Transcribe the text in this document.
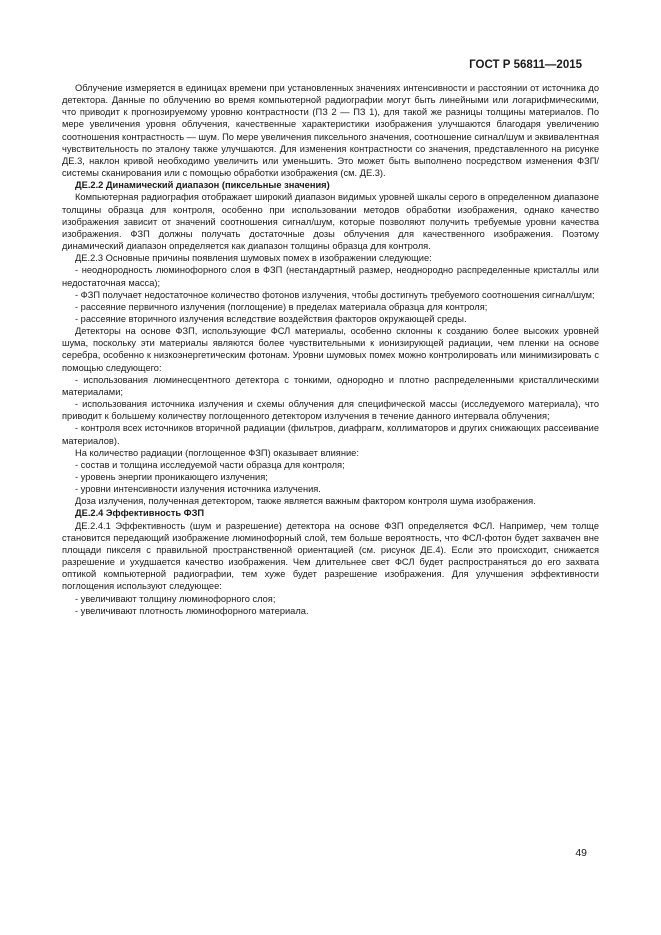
ГОСТ Р 56811—2015

Облучение измеряется в единицах времени при установленных значениях интенсивности и расстоянии от источника до детектора. Данные по облучению во время компьютерной радиографии могут быть линейными или логарифмическими, что приводит к прогнозируемому уровню контрастности (ПЗ 2 — ПЗ 1), для такой же разницы толщины материалов. По мере увеличения уровня облучения, качественные характеристики изображения улучшаются благодаря увеличению соотношения контрастность — шум. По мере увеличения пиксельного значения, соотношение сигнал/шум и эквивалентная чувствительность по эталону также улучшаются. Для изменения контрастности со значения, представленного на рисунке ДЕ.3, наклон кривой необходимо увеличить или уменьшить. Это может быть выполнено посредством изменения ФЗП/системы сканирования или с помощью обработки изображения (см. ДЕ.3).

ДЕ.2.2 Динамический диапазон (пиксельные значения)

Компьютерная радиография отображает широкий диапазон видимых уровней шкалы серого в определенном диапазоне толщины образца для контроля, особенно при использовании методов обработки изображения, однако качество изображения зависит от значений соотношения сигнал/шум, которые позволяют получить требуемые уровни качества изображения. ФЗП должны получать достаточные дозы облучения для качественного изображения. Поэтому динамический диапазон определяется как диапазон толщины образца для контроля.

ДЕ.2.3 Основные причины появления шумовых помех в изображении следующие:

- неоднородность люминофорного слоя в ФЗП (нестандартный размер, неоднородно распределенные кристаллы или недостаточная масса);

- ФЗП получает недостаточное количество фотонов излучения, чтобы достигнуть требуемого соотношения сигнал/шум;

- рассеяние первичного излучения (поглощение) в пределах материала образца для контроля;

- рассеяние вторичного излучения вследствие воздействия факторов окружающей среды.

Детекторы на основе ФЗП, использующие ФСЛ материалы, особенно склонны к созданию более высоких уровней шума, поскольку эти материалы являются более чувствительными к ионизирующей радиации, чем пленки на основе серебра, особенно к низкоэнергетическим фотонам. Уровни шумовых помех можно контролировать или минимизировать с помощью следующего:

- использования люминесцентного детектора с тонкими, однородно и плотно распределенными кристаллическими материалами;

- использования источника излучения и схемы облучения для специфической массы (исследуемого материала), что приводит к большему количеству поглощенного детектором излучения в течение данного интервала облучения;

- контроля всех источников вторичной радиации (фильтров, диафрагм, коллиматоров и других снижающих рассеивание материалов).

На количество радиации (поглощенное ФЗП) оказывает влияние:

- состав и толщина исследуемой части образца для контроля;

- уровень энергии проникающего излучения;

- уровни интенсивности излучения источника излучения.

Доза излучения, полученная детектором, также является важным фактором контроля шума изображения.

ДЕ.2.4 Эффективность ФЗП

ДЕ.2.4.1 Эффективность (шум и разрешение) детектора на основе ФЗП определяется ФСЛ. Например, чем толще становится передающий изображение люминофорный слой, тем больше вероятность, что ФСЛ-фотон будет захвачен вне площади пикселя с правильной пространственной ориентацией (см. рисунок ДЕ.4). Если это происходит, снижается разрешение и ухудшается качество изображения. Чем длительнее свет ФСЛ будет распространяться до его захвата оптикой компьютерной радиографии, тем хуже будет разрешение изображения. Для улучшения эффективности поглощения используют следующее:

- увеличивают толщину люминофорного слоя;

- увеличивают плотность люминофорного материала.

49
